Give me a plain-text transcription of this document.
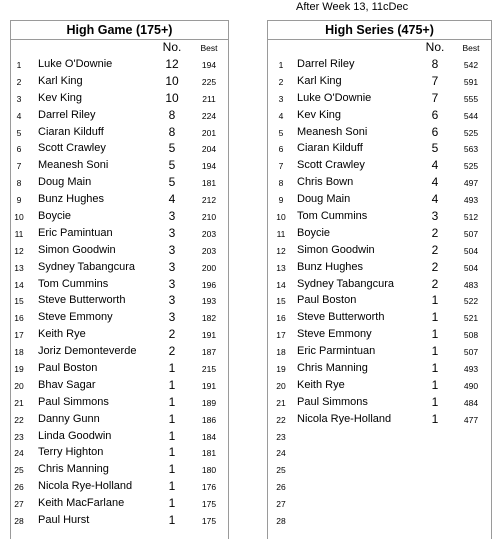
After Week 13, 11cDec
High Game (175+)
No.	Best
1	Luke O'Downie	12	194
2	Karl King	10	225
3	Kev King	10	211
4	Darrel Riley	8	224
5	Ciaran Kilduff	8	201
6	Scott Crawley	5	204
7	Meanesh Soni	5	194
8	Doug Main	5	181
9	Bunz Hughes	4	212
10 Boycie	3	210
11 Eric Pamintuan	3	203
12 Simon Goodwin	3	203
13 Sydney Tabangcura	3	200
14 Tom Cummins	3	196
15 Steve Butterworth	3	193
16 Steve Emmony	3	182
17 Keith Rye	2	191
18 Joriz Demonteverde	2	187
19 Paul Boston	1	215
20 Bhav Sagar	1	191
21 Paul Simmons	1	189
22 Danny Gunn	1	186
23 Linda Goodwin	1	184
24 Terry Highton	1	181
25 Chris Manning	1	180
26 Nicola Rye-Holland	1	176
27 Keith MacFarlane	1	175
28 Paul Hurst	1	175
High Series (475+)
No.	Best
1	Darrel Riley	8	542
2	Karl King	7	591
3	Luke O'Downie	7	555
4	Kev King	6	544
5	Meanesh Soni	6	525
6	Ciaran Kilduff	5	563
7	Scott Crawley	4	525
8	Chris Bown	4	497
9	Doug Main	4	493
10	Tom Cummins	3	512
11	Boycie	2	507
12	Simon Goodwin	2	504
13	Bunz Hughes	2	504
14	Sydney Tabangcura	2	483
15	Paul Boston	1	522
16	Steve Butterworth	1	521
17	Steve Emmony	1	508
18	Eric Parmintuan	1	507
19	Chris Manning	1	493
20	Keith Rye	1	490
21	Paul Simmons	1	484
22	Nicola Rye-Holland	1	477
23
24
25
26
27
28
